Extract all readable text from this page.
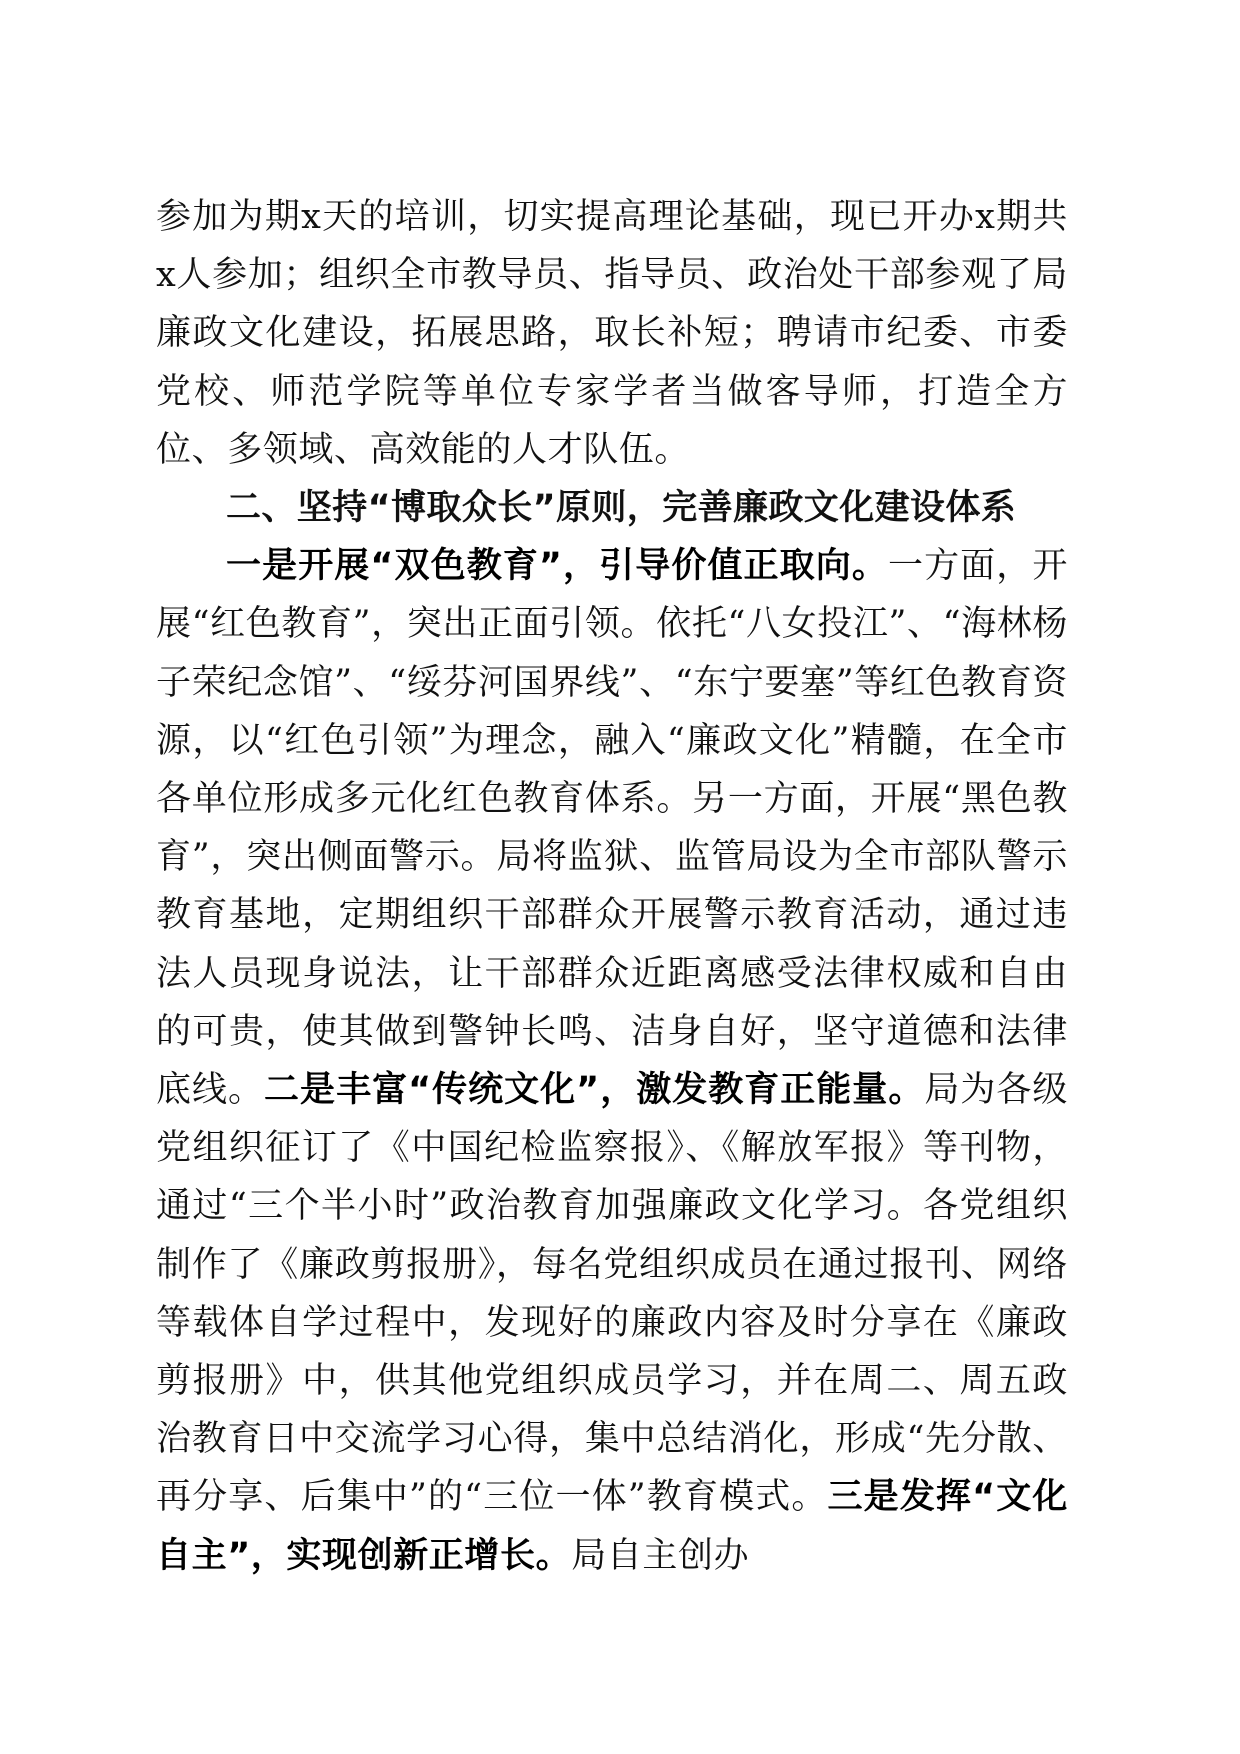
参加为期x天的培训，切实提高理论基础，现已开办x期共x人参加；组织全市教导员、指导员、政治处干部参观了局廉政文化建设，拓展思路，取长补短；聘请市纪委、市委党校、师范学院等单位专家学者当做客导师，打造全方位、多领域、高效能的人才队伍。

二、坚持“博取众长”原则，完善廉政文化建设体系

一是开展“双色教育”，引导价值正取向。一方面，开展“红色教育”，突出正面引领。依托“八女投江”、“海林杨子荣纪念馆”、“绥芬河国界线”、“东宁要塞”等红色教育资源，以“红色引领”为理念，融入“廉政文化”精髓，在全市各单位形成多元化红色教育体系。另一方面，开展“黑色教育”，突出侧面警示。局将监狱、监管局设为全市部队警示教育基地，定期组织干部群众开展警示教育活动，通过违法人员现身说法，让干部群众近距离感受法律权威和自由的可贵，使其做到警钟长鸣、洁身自好，坚守道德和法律底线。二是丰富“传统文化”，激发教育正能量。局为各级党组织征订了《中国纪检监察报》、《解放军报》等刊物，通过“三个半小时”政治教育加强廉政文化学习。各党组织制作了《廉政剪报册》，每名党组织成员在通过报刊、网络等载体自学过程中，发现好的廉政内容及时分享在《廉政剪报册》中，供其他党组织成员学习，并在周二、周五政治教育日中交流学习心得，集中总结消化，形成“先分散、再分享、后集中”的“三位一体”教育模式。三是发挥“文化自主”，实现创新正增长。局自主创办
